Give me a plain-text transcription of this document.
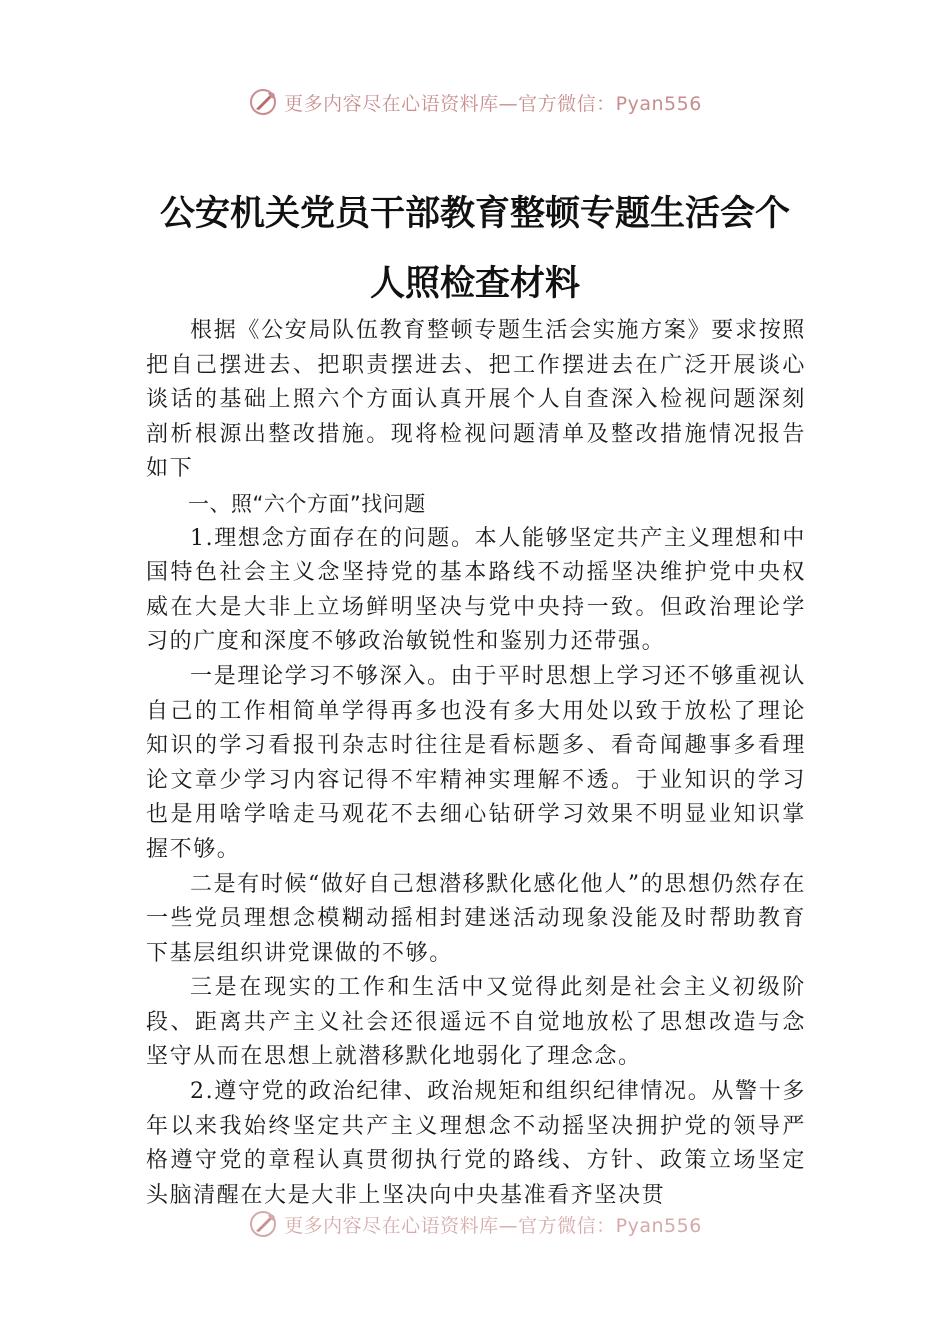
更多内容尽在心语资料库—官方微信：Pyan556
公安机关党员干部教育整顿专题生活会个
人照检查材料

根据《公安局队伍教育整顿专题生活会实施方案》要求按照把自己摆进去、把职责摆进去、把工作摆进去在广泛开展谈心谈话的基础上照六个方面认真开展个人自查深入检视问题深刻剖析根源出整改措施。现将检视问题清单及整改措施情况报告如下

一、照“六个方面”找问题

1.理想念方面存在的问题。本人能够坚定共产主义理想和中国特色社会主义念坚持党的基本路线不动摇坚决维护党中央权威在大是大非上立场鲜明坚决与党中央持一致。但政治理论学习的广度和深度不够政治敏锐性和鉴别力还带强。

一是理论学习不够深入。由于平时思想上学习还不够重视认自己的工作相简单学得再多也没有多大用处以致于放松了理论知识的学习看报刊杂志时往往是看标题多、看奇闻趣事多看理论文章少学习内容记得不牢精神实理解不透。于业知识的学习也是用啥学啥走马观花不去细心钻研学习效果不明显业知识掌握不够。

二是有时候“做好自己想潜移默化感化他人”的思想仍然存在一些党员理想念模糊动摇相封建迷活动现象没能及时帮助教育下基层组织讲党课做的不够。

三是在现实的工作和生活中又觉得此刻是社会主义初级阶段、距离共产主义社会还很遥远不自觉地放松了思想改造与念坚守从而在思想上就潜移默化地弱化了理念念。

2.遵守党的政治纪律、政治规矩和组织纪律情况。从警十多年以来我始终坚定共产主义理想念不动摇坚决拥护党的领导严格遵守党的章程认真贯彻执行党的路线、方针、政策立场坚定头脑清醒在大是大非上坚决向中央基准看齐坚决贯

更多内容尽在心语资料库—官方微信：Pyan556
